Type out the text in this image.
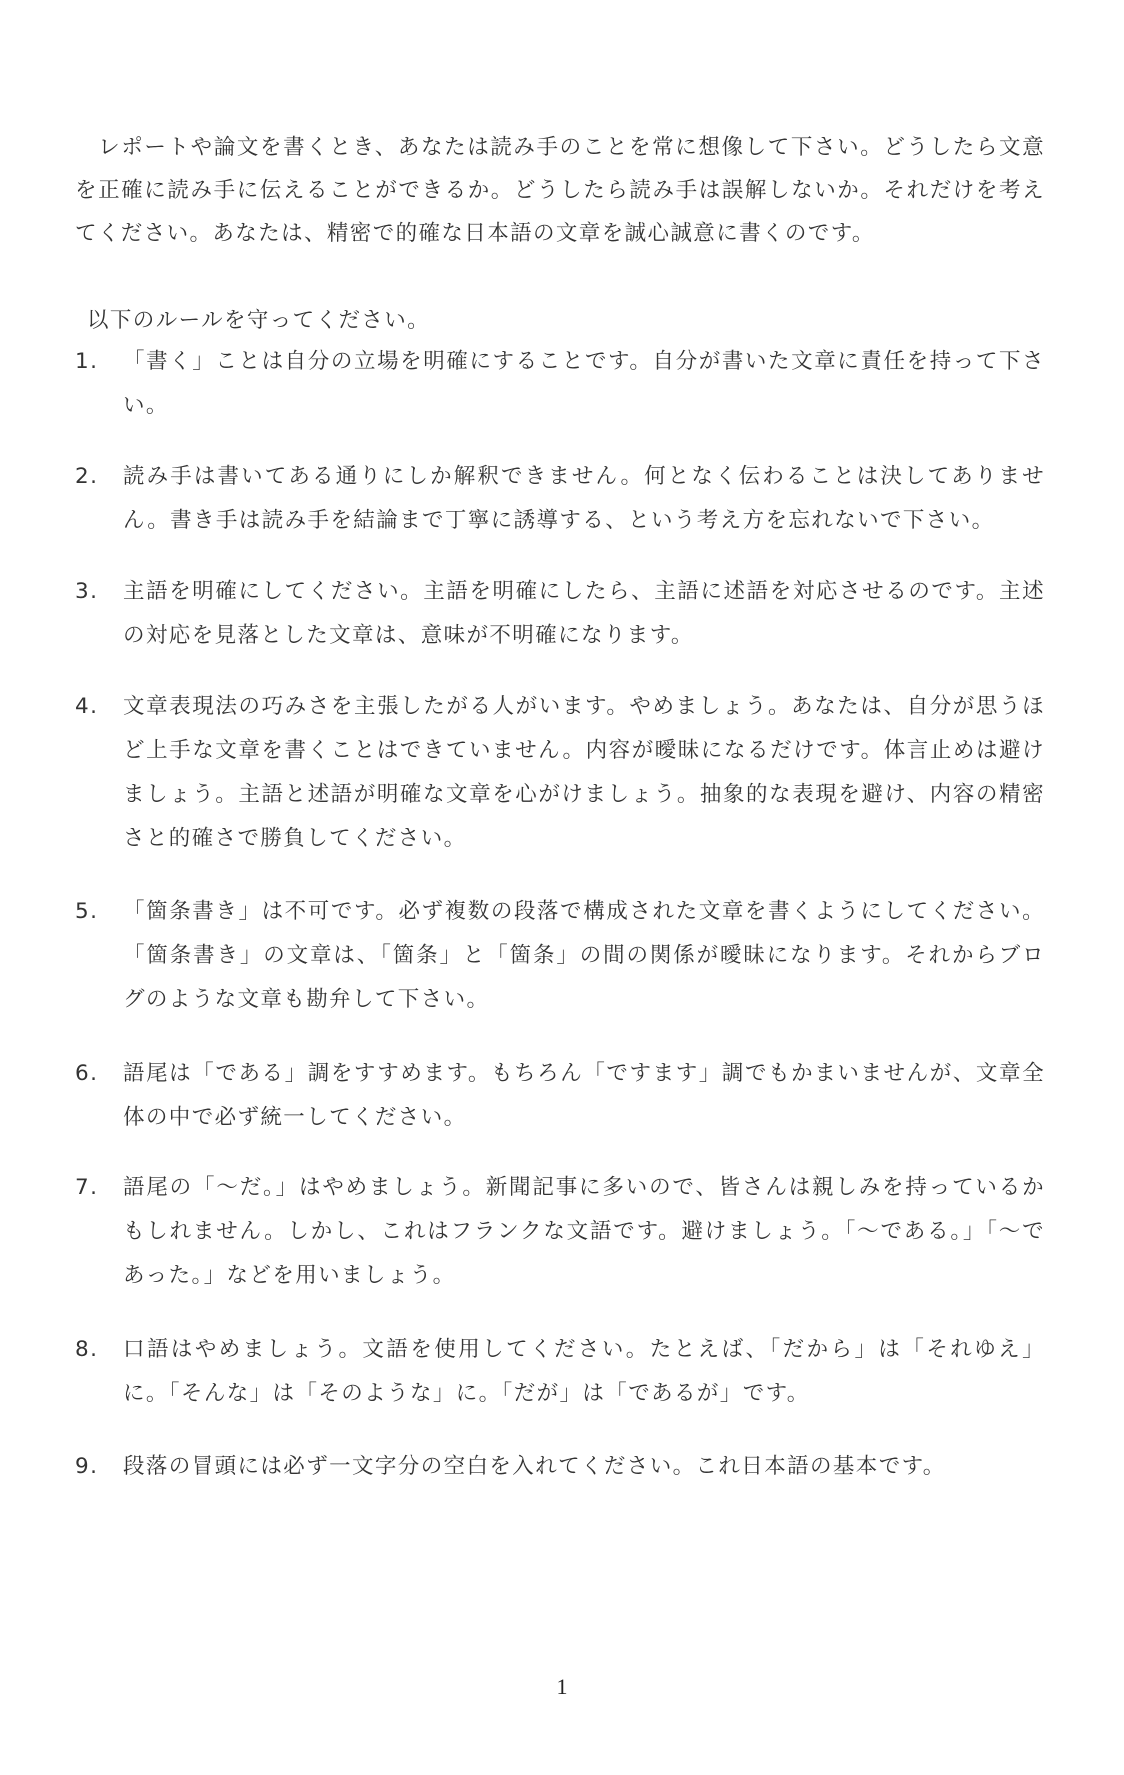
　レポートや論文を書くとき、あなたは読み手のことを常に想像して下さい。どうしたら文意を正確に読み手に伝えることができるか。どうしたら読み手は誤解しないか。それだけを考えてください。あなたは、精密で的確な日本語の文章を誠心誠意に書くのです。

以下のルールを守ってください。

1.	「書く」ことは自分の立場を明確にすることです。自分が書いた文章に責任を持って下さい。
2.	読み手は書いてある通りにしか解釈できません。何となく伝わることは決してありません。書き手は読み手を結論まで丁寧に誘導する、という考え方を忘れないで下さい。
3.	主語を明確にしてください。主語を明確にしたら、主語に述語を対応させるのです。主述の対応を見落とした文章は、意味が不明確になります。
4.	文章表現法の巧みさを主張したがる人がいます。やめましょう。あなたは、自分が思うほど上手な文章を書くことはできていません。内容が曖昧になるだけです。体言止めは避けましょう。主語と述語が明確な文章を心がけましょう。抽象的な表現を避け、内容の精密さと的確さで勝負してください。
5.	「箇条書き」は不可です。必ず複数の段落で構成された文章を書くようにしてください。「箇条書き」の文章は、「箇条」と「箇条」の間の関係が曖昧になります。それからブログのような文章も勘弁して下さい。
6.	語尾は「である」調をすすめます。もちろん「ですます」調でもかまいませんが、文章全体の中で必ず統一してください。
7.	語尾の「～だ。」はやめましょう。新聞記事に多いので、皆さんは親しみを持っているかもしれません。しかし、これはフランクな文語です。避けましょう。「～である。」「～であった。」などを用いましょう。
8.	口語はやめましょう。文語を使用してください。たとえば、「だから」は「それゆえ」に。「そんな」は「そのような」に。「だが」は「であるが」です。
9.	段落の冒頭には必ず一文字分の空白を入れてください。これ日本語の基本です。
1
